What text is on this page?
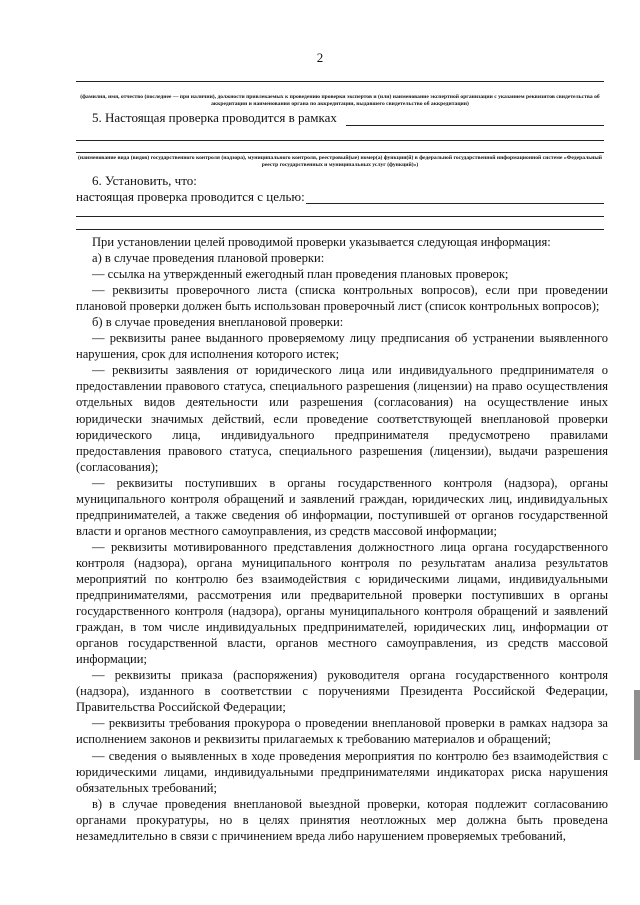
2
(фамилия, имя, отчество (последнее — при наличии), должности привлекаемых к проведению проверки экспертов и (или) наименование экспертной организации с указанием реквизитов свидетельства об аккредитации и наименования органа по аккредитации, выдавшего свидетельство об аккредитации)
5. Настоящая проверка проводится в рамках
(наименование вида (видов) государственного контроля (надзора), муниципального контроля, реестровый(ые) номер(а) функции(й) в федеральной государственной информационной системе «Федеральный реестр государственных и муниципальных услуг (функций)»)
6. Установить, что:
настоящая проверка проводится с целью:

При установлении целей проводимой проверки указывается следующая информация:

а) в случае проведения плановой проверки:

— ссылка на утвержденный ежегодный план проведения плановых проверок;

— реквизиты проверочного листа (списка контрольных вопросов), если при проведении плановой проверки должен быть использован проверочный лист (список контрольных вопросов);

б) в случае проведения внеплановой проверки:

— реквизиты ранее выданного проверяемому лицу предписания об устранении выявленного нарушения, срок для исполнения которого истек;

— реквизиты заявления от юридического лица или индивидуального предпринимателя о предоставлении правового статуса, специального разрешения (лицензии) на право осуществления отдельных видов деятельности или разрешения (согласования) на осуществление иных юридически значимых действий, если проведение соответствующей внеплановой проверки юридического лица, индивидуального предпринимателя предусмотрено правилами предоставления правового статуса, специального разрешения (лицензии), выдачи разрешения (согласования);

— реквизиты поступивших в органы государственного контроля (надзора), органы муниципального контроля обращений и заявлений граждан, юридических лиц, индивидуальных предпринимателей, а также сведения об информации, поступившей от органов государственной власти и органов местного самоуправления, из средств массовой информации;

— реквизиты мотивированного представления должностного лица органа государственного контроля (надзора), органа муниципального контроля по результатам анализа результатов мероприятий по контролю без взаимодействия с юридическими лицами, индивидуальными предпринимателями, рассмотрения или предварительной проверки поступивших в органы государственного контроля (надзора), органы муниципального контроля обращений и заявлений граждан, в том числе индивидуальных предпринимателей, юридических лиц, информации от органов государственной власти, органов местного самоуправления, из средств массовой информации;

— реквизиты приказа (распоряжения) руководителя органа государственного контроля (надзора), изданного в соответствии с поручениями Президента Российской Федерации, Правительства Российской Федерации;

— реквизиты требования прокурора о проведении внеплановой проверки в рамках надзора за исполнением законов и реквизиты прилагаемых к требованию материалов и обращений;

— сведения о выявленных в ходе проведения мероприятия по контролю без взаимодействия с юридическими лицами, индивидуальными предпринимателями индикаторах риска нарушения обязательных требований;

в) в случае проведения внеплановой выездной проверки, которая подлежит согласованию органами прокуратуры, но в целях принятия неотложных мер должна быть проведена незамедлительно в связи с причинением вреда либо нарушением проверяемых требований,
